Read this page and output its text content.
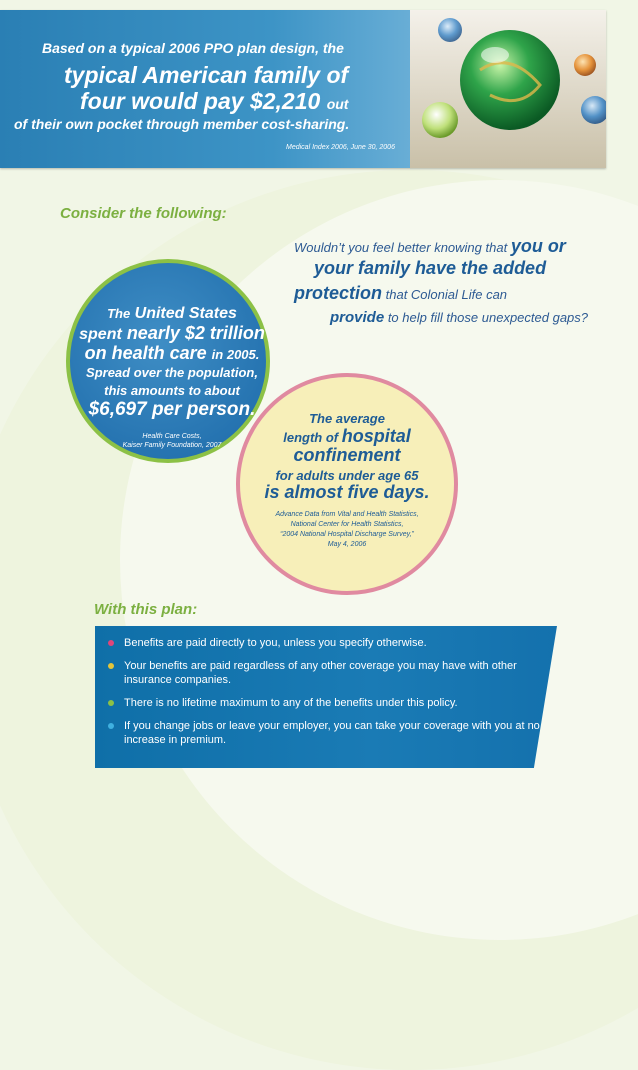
Based on a typical 2006 PPO plan design, the
typical American family of
four would pay $2,210 out
of their own pocket through member cost-sharing.
Medical Index 2006, June 30, 2006
Consider the following:
Wouldn’t you feel better knowing that you or
your family have the added
protection that Colonial Life can
provide to help fill those unexpected gaps?
The United States
spent nearly $2 trillion
on health care in 2005.
Spread over the population,
this amounts to about
$6,697 per person.
Health Care Costs,
Kaiser Family Foundation, 2007
The average
length of hospital
confinement
for adults under age 65
is almost five days.
Advance Data from Vital and Health Statistics,
National Center for Health Statistics,
“2004 National Hospital Discharge Survey,”
May 4, 2006
With this plan:
Benefits are paid directly to you, unless you specify otherwise.
Your benefits are paid regardless of any other coverage you may have with other insurance companies.
There is no lifetime maximum to any of the benefits under this policy.
If you change jobs or leave your employer, you can take your coverage with you at no increase in premium.
